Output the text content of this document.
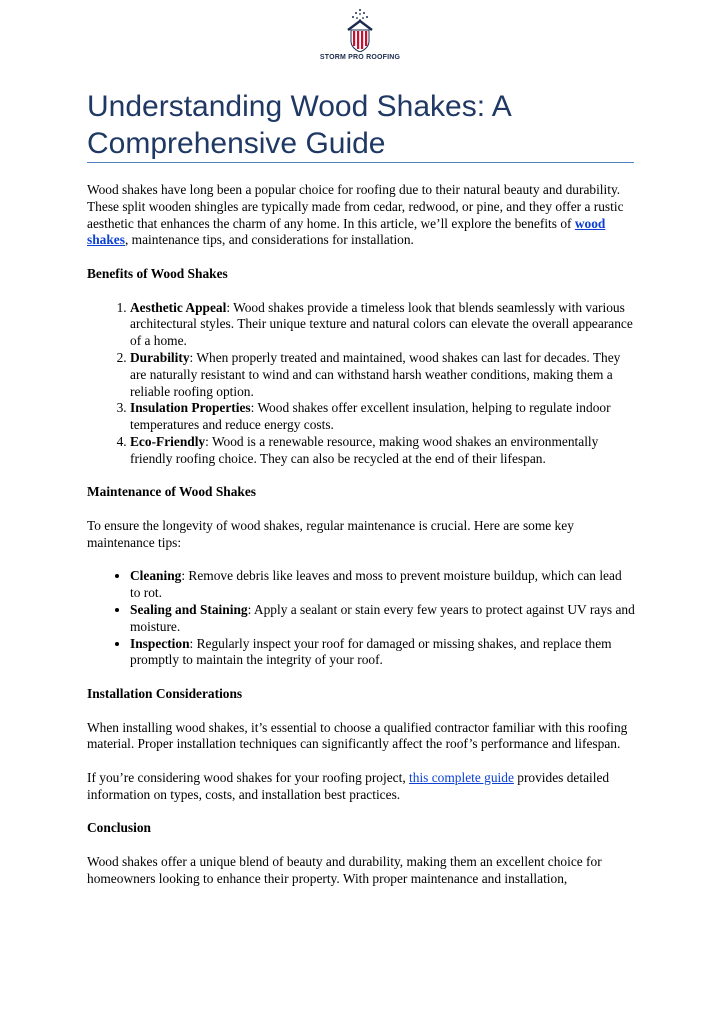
STORM PRO ROOFING
Understanding Wood Shakes: A Comprehensive Guide

Wood shakes have long been a popular choice for roofing due to their natural beauty and durability. These split wooden shingles are typically made from cedar, redwood, or pine, and they offer a rustic aesthetic that enhances the charm of any home. In this article, we’ll explore the benefits of wood shakes, maintenance tips, and considerations for installation.

Benefits of Wood Shakes
1. Aesthetic Appeal: Wood shakes provide a timeless look that blends seamlessly with various architectural styles. Their unique texture and natural colors can elevate the overall appearance of a home.
2. Durability: When properly treated and maintained, wood shakes can last for decades. They are naturally resistant to wind and can withstand harsh weather conditions, making them a reliable roofing option.
3. Insulation Properties: Wood shakes offer excellent insulation, helping to regulate indoor temperatures and reduce energy costs.
4. Eco-Friendly: Wood is a renewable resource, making wood shakes an environmentally friendly roofing choice. They can also be recycled at the end of their lifespan.
Maintenance of Wood Shakes

To ensure the longevity of wood shakes, regular maintenance is crucial. Here are some key maintenance tips:

• Cleaning: Remove debris like leaves and moss to prevent moisture buildup, which can lead to rot.
• Sealing and Staining: Apply a sealant or stain every few years to protect against UV rays and moisture.
• Inspection: Regularly inspect your roof for damaged or missing shakes, and replace them promptly to maintain the integrity of your roof.
Installation Considerations

When installing wood shakes, it’s essential to choose a qualified contractor familiar with this roofing material. Proper installation techniques can significantly affect the roof’s performance and lifespan.

If you’re considering wood shakes for your roofing project, this complete guide provides detailed information on types, costs, and installation best practices.

Conclusion

Wood shakes offer a unique blend of beauty and durability, making them an excellent choice for homeowners looking to enhance their property. With proper maintenance and installation,
